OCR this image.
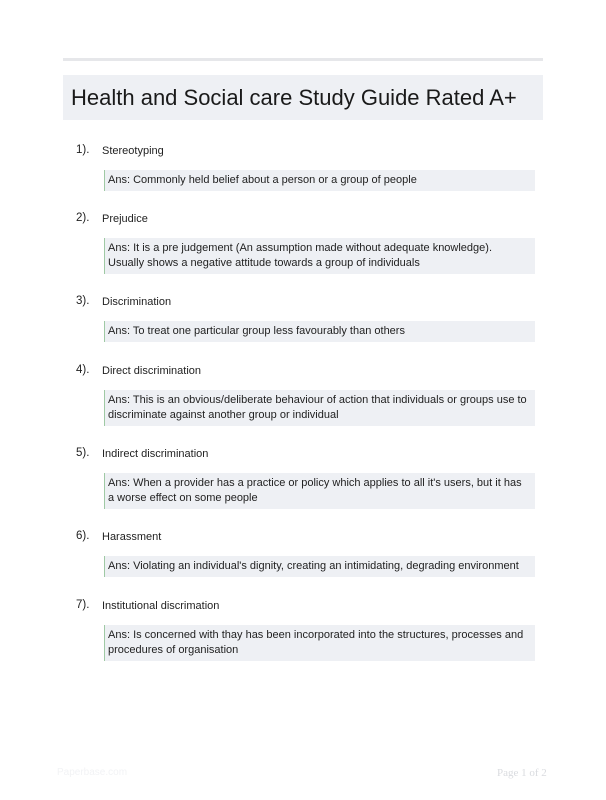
Health and Social care Study Guide Rated A+
1). Stereotyping
Ans: Commonly held belief about a person or a group of people
2). Prejudice
Ans: It is a pre judgement (An assumption made without adequate knowledge). Usually shows a negative attitude towards a group of individuals
3). Discrimination
Ans: To treat one particular group less favourably than others
4). Direct discrimination
Ans: This is an obvious/deliberate behaviour of action that individuals or groups use to discriminate against another group or individual
5). Indirect discrimination
Ans: When a provider has a practice or policy which applies to all it's users, but it has a worse effect on some people
6). Harassment
Ans: Violating an individual's dignity, creating an intimidating, degrading environment
7). Institutional discrimation
Ans: Is concerned with thay has been incorporated into the structures, processes and procedures of organisation
Paperbase.com	Page 1 of 2
